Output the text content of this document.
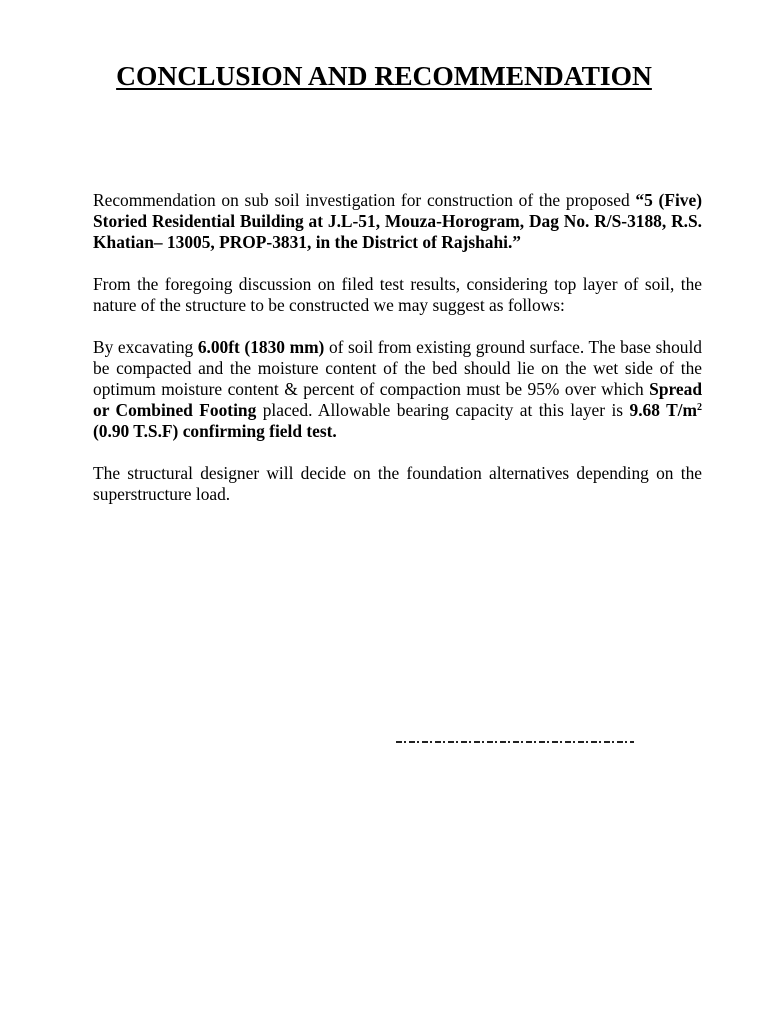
CONCLUSION AND RECOMMENDATION

Recommendation on sub soil investigation for construction of the proposed “5 (Five) Storied Residential Building at J.L-51, Mouza-Horogram, Dag No. R/S-3188, R.S. Khatian– 13005, PROP-3831, in the District of Rajshahi.”

From the foregoing discussion on filed test results, considering top layer of soil, the nature of the structure to be constructed we may suggest as follows:

By excavating 6.00ft (1830 mm) of soil from existing ground surface. The base should be compacted and the moisture content of the bed should lie on the wet side of the optimum moisture content & percent of compaction must be 95% over which Spread or Combined Footing placed. Allowable bearing capacity at this layer is 9.68 $T/m^2$ (0.90 T.S.F) confirming field test.

The structural designer will decide on the foundation alternatives depending on the superstructure load.
